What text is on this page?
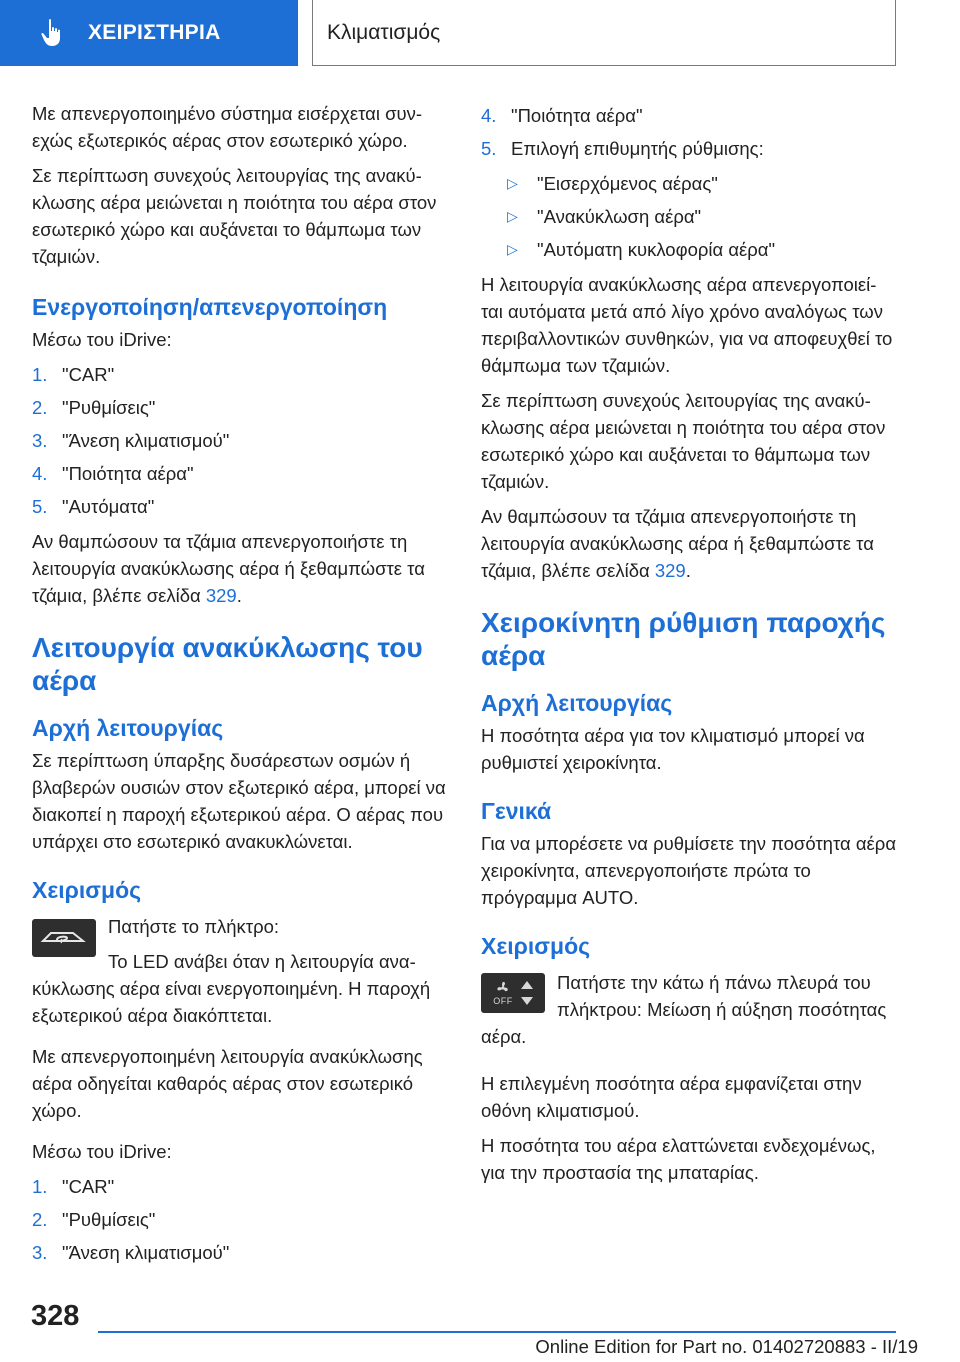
ΧΕΙΡΙΣΤΗΡΙΑ	Κλιματισμός

Με απενεργοποιημένο σύστημα εισέρχεται συν‐ εχώς εξωτερικός αέρας στον εσωτερικό χώρο.

Σε περίπτωση συνεχούς λειτουργίας της ανακύ‐ κλωσης αέρα μειώνεται η ποιότητα του αέρα στον εσωτερικό χώρο και αυξάνεται το θάμπωμα των τζαμιών.

Ενεργοποίηση/απενεργοποίηση

Μέσω του iDrive:

1. "CAR"
2. "Ρυθμίσεις"
3. "Άνεση κλιματισμού"
4. "Ποιότητα αέρα"
5. "Αυτόματα"

Αν θαμπώσουν τα τζάμια απενεργοποιήστε τη λειτουργία ανακύκλωσης αέρα ή ξεθαμπώστε τα τζάμια, βλέπε σελίδα 329.

Λειτουργία ανακύκλωσης του αέρα
Αρχή λειτουργίας

Σε περίπτωση ύπαρξης δυσάρεστων οσμών ή βλαβερών ουσιών στον εξωτερικό αέρα, μπορεί να διακοπεί η παροχή εξωτερικού αέρα. Ο αέρας που υπάρχει στο εσωτερικό ανακυκλώνεται.

Χειρισμός

Πατήστε το πλήκτρο:

Το LED ανάβει όταν η λειτουργία ανα‐ κύκλωσης αέρα είναι ενεργοποιημένη. Η παροχή εξωτερικού αέρα διακόπτεται.

Με απενεργοποιημένη λειτουργία ανακύκλωσης αέρα οδηγείται καθαρός αέρας στον εσωτερικό χώρο.

Μέσω του iDrive:

1. "CAR"
2. "Ρυθμίσεις"
3. "Άνεση κλιματισμού"
4. "Ποιότητα αέρα"
5. Επιλογή επιθυμητής ρύθμισης:
▷	"Εισερχόμενος αέρας"
▷	"Ανακύκλωση αέρα"
▷	"Αυτόματη κυκλοφορία αέρα"

Η λειτουργία ανακύκλωσης αέρα απενεργοποιεί‐ ται αυτόματα μετά από λίγο χρόνο αναλόγως των περιβαλλοντικών συνθηκών, για να αποφευχθεί το θάμπωμα των τζαμιών.

Σε περίπτωση συνεχούς λειτουργίας της ανακύ‐ κλωσης αέρα μειώνεται η ποιότητα του αέρα στον εσωτερικό χώρο και αυξάνεται το θάμπωμα των τζαμιών.

Αν θαμπώσουν τα τζάμια απενεργοποιήστε τη λειτουργία ανακύκλωσης αέρα ή ξεθαμπώστε τα τζάμια, βλέπε σελίδα 329.

Χειροκίνητη ρύθμιση παροχής αέρα
Αρχή λειτουργίας

Η ποσότητα αέρα για τον κλιματισμό μπορεί να ρυθμιστεί χειροκίνητα.

Γενικά

Για να μπορέσετε να ρυθμίσετε την ποσότητα αέρα χειροκίνητα, απενεργοποιήστε πρώτα το πρόγραμμα AUTO.

Χειρισμός
OFF

Πατήστε την κάτω ή πάνω πλευρά του πλήκτρου: Μείωση ή αύξηση ποσότητας αέρα.

Η επιλεγμένη ποσότητα αέρα εμφανίζεται στην οθόνη κλιματισμού.

Η ποσότητα του αέρα ελαττώνεται ενδεχομένως, για την προστασία της μπαταρίας.

328
Online Edition for Part no. 01402720883 - II/19
